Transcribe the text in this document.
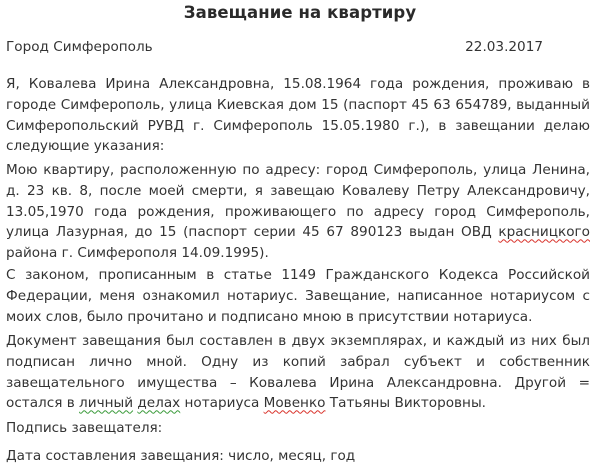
Завещание на квартиру
Город Симферополь	22.03.2017
Я, Ковалева Ирина Александровна, 15.08.1964 года рождения, проживаю в городе Симферополь, улица Киевская дом 15 (паспорт 45 63 654789, выданный Симферопольский РУВД г. Симферополь 15.05.1980 г.), в завещании делаю следующие указания:
Мою квартиру, расположенную по адресу: город Симферополь, улица Ленина, д. 23 кв. 8, после моей смерти, я завещаю Ковалеву Петру Александровичу, 13.05,1970 года рождения, проживающего по адресу город Симферополь, улица Лазурная, до 15 (паспорт серии 45 67 890123 выдан ОВД красницкого района г. Симферополя 14.09.1995).
С законом, прописанным в статье 1149 Гражданского Кодекса Российской Федерации, меня ознакомил нотариус. Завещание, написанное нотариусом с моих слов, было прочитано и подписано мною в присутствии нотариуса.
Документ завещания был составлен в двух экземплярах, и каждый из них был подписан лично мной. Одну из копий забрал субъект и собственник завещательного имущества – Ковалева Ирина Александровна. Другой = остался в личный делах нотариуса Мовенко Татьяны Викторовны.
Подпись завещателя:
Дата составления завещания: число, месяц, год
